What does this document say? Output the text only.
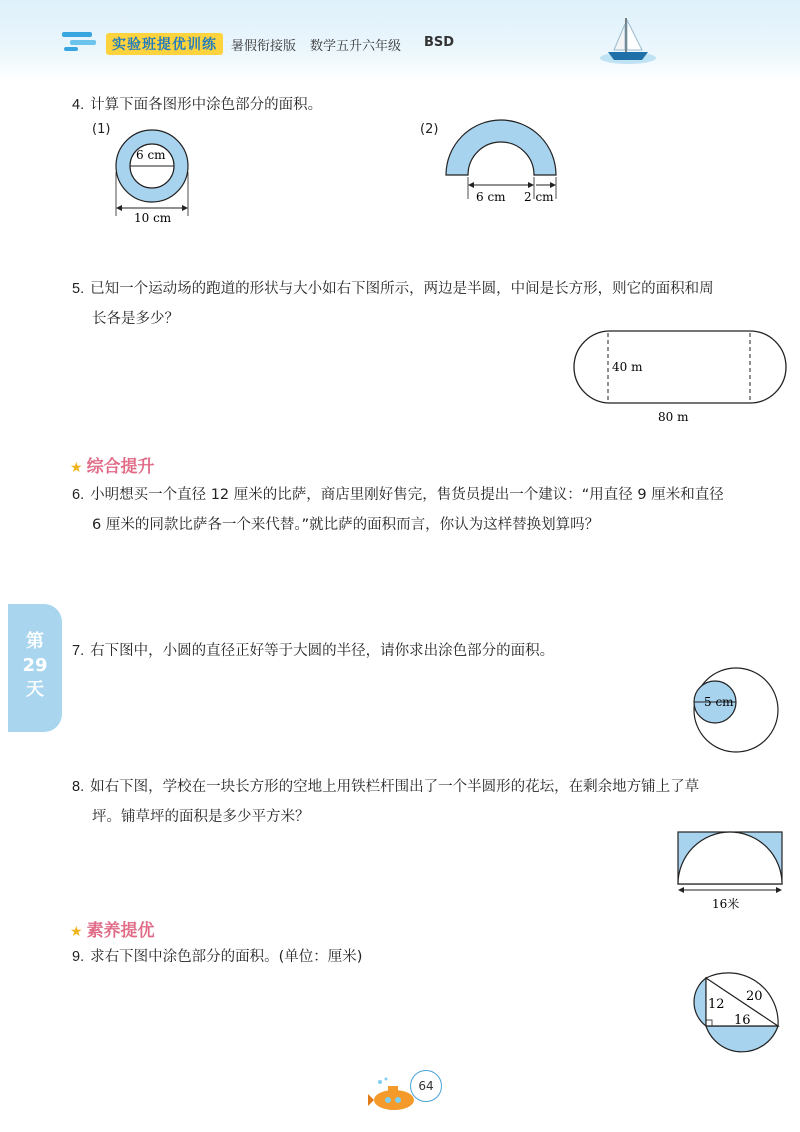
实验班提优训练	暑假衔接版 数学五升六年级 BSD
4. 计算下面各图形中涂色部分的面积。
(1)
6 cm
10 cm
(2)
6 cm 2 cm
5. 已知一个运动场的跑道的形状与大小如右下图所示，两边是半圆，中间是长方形，则它的面积和周
长各是多少？
40 m
80 m
★ 综合提升
6. 小明想买一个直径 12 厘米的比萨，商店里刚好售完，售货员提出一个建议：“用直径 9 厘米和直径
6 厘米的同款比萨各一个来代替。”就比萨的面积而言，你认为这样替换划算吗？
第
29
天
7. 右下图中，小圆的直径正好等于大圆的半径，请你求出涂色部分的面积。
5 cm
8. 如右下图，学校在一块长方形的空地上用铁栏杆围出了一个半圆形的花坛，在剩余地方铺上了草
坪。铺草坪的面积是多少平方米？
16米
★ 素养提优
9. 求右下图中涂色部分的面积。(单位：厘米)
12
16
20
64
